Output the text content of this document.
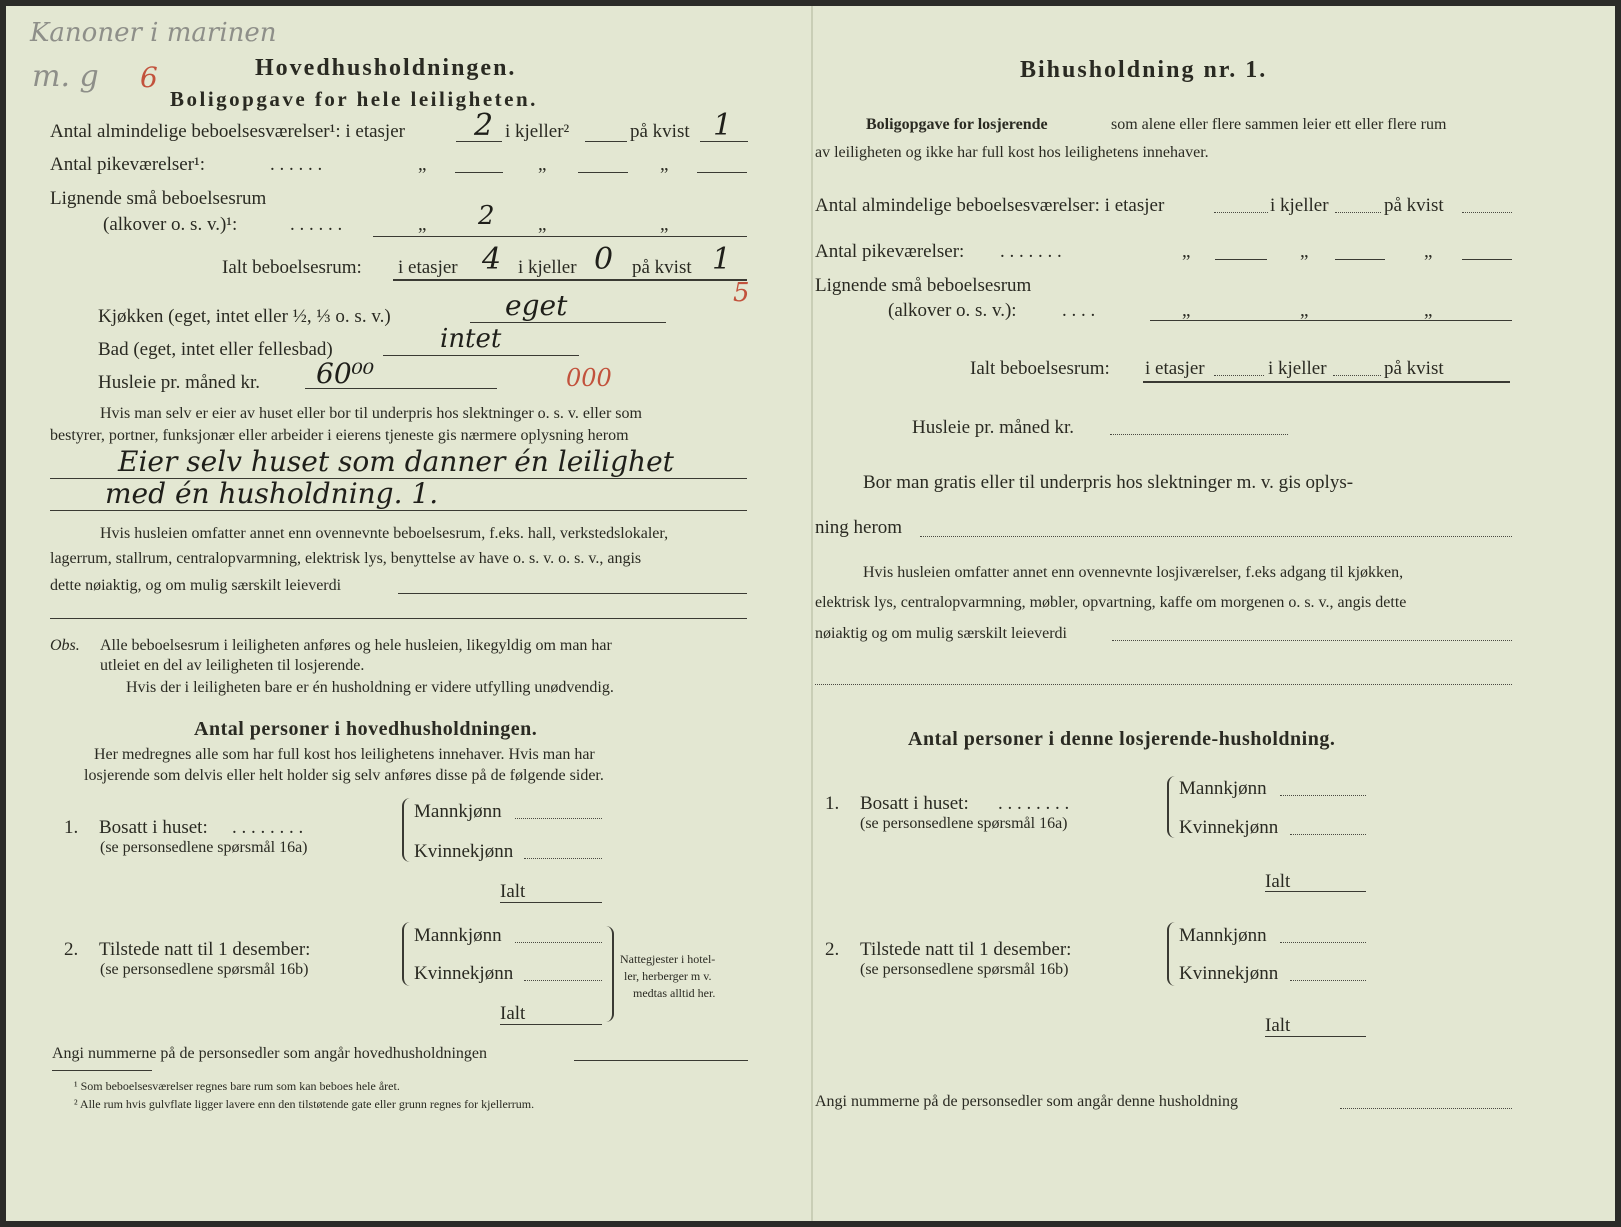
Kanoner i marinen
m. g 6	Hovedhusholdningen.
Boligopgave for hele leiligheten.
Antal almindelige beboelsesværelser¹: i etasjer 2 i kjeller²	på kvist 1
Antal pikeværelser¹:	. . . . . .	„	„	„
Lignende små beboelsesrum
(alkover o. s. v.)¹:	. . . . . .	„ 2 „	„
Ialt beboelsesrum: i etasjer 4 i kjeller 0 på kvist 1
5
Kjøkken (eget, intet eller ½, ⅓ o. s. v.)	eget
Bad (eget, intet eller fellesbad)	intet
Husleie pr. måned kr. 60⁰⁰	000
Hvis man selv er eier av huset eller bor til underpris hos slektninger o. s. v. eller som
bestyrer, portner, funksjonær eller arbeider i eierens tjeneste gis nærmere oplysning herom
Eier selv huset som danner én leilighet
med én husholdning. 1.
Hvis husleien omfatter annet enn ovennevnte beboelsesrum, f.eks. hall, verkstedslokaler,
lagerrum, stallrum, centralopvarmning, elektrisk lys, benyttelse av have o. s. v. o. s. v., angis
dette nøiaktig, og om mulig særskilt leieverdi
Obs. Alle beboelsesrum i leiligheten anføres og hele husleien, likegyldig om man har
utleiet en del av leiligheten til losjerende.
Hvis der i leiligheten bare er én husholdning er videre utfylling unødvendig.
Antal personer i hovedhusholdningen.
Her medregnes alle som har full kost hos leilighetens innehaver. Hvis man har
losjerende som delvis eller helt holder sig selv anføres disse på de følgende sider.
1. Bosatt i huset: . . . . . . . .
(se personsedlene spørsmål 16a)
Mannkjønn
Kvinnekjønn
Ialt
2. Tilstede natt til 1 desember:
(se personsedlene spørsmål 16b)
Mannkjønn
Kvinnekjønn
Ialt
Nattegjester i hotel-
ler, herberger m v.
medtas alltid her.
Angi nummerne på de personsedler som angår hovedhusholdningen
¹ Som beboelsesværelser regnes bare rum som kan beboes hele året.
² Alle rum hvis gulvflate ligger lavere enn den tilstøtende gate eller grunn regnes for kjellerrum.
Bihusholdning nr. 1.
Boligopgave for losjerende	som alene eller flere sammen leier ett eller flere rum
av leiligheten og ikke har full kost hos leilighetens innehaver.
Antal almindelige beboelsesværelser: i etasjer	i kjeller	på kvist
Antal pikeværelser: . . . . . . .	„	„	„
Lignende små beboelsesrum
(alkover o. s. v.): . . . .	„	„	„
Ialt beboelsesrum: i etasjer	i kjeller	på kvist
Husleie pr. måned kr.
Bor man gratis eller til underpris hos slektninger m. v. gis oplys-
ning herom
Hvis husleien omfatter annet enn ovennevnte losjiværelser, f.eks adgang til kjøkken,
elektrisk lys, centralopvarmning, møbler, opvartning, kaffe om morgenen o. s. v., angis dette
nøiaktig og om mulig særskilt leieverdi
Antal personer i denne losjerende-husholdning.
1. Bosatt i huset: . . . . . . . .
(se personsedlene spørsmål 16a)
Mannkjønn
Kvinnekjønn
Ialt
2. Tilstede natt til 1 desember:
(se personsedlene spørsmål 16b)
Mannkjønn
Kvinnekjønn
Ialt
Angi nummerne på de personsedler som angår denne husholdning
